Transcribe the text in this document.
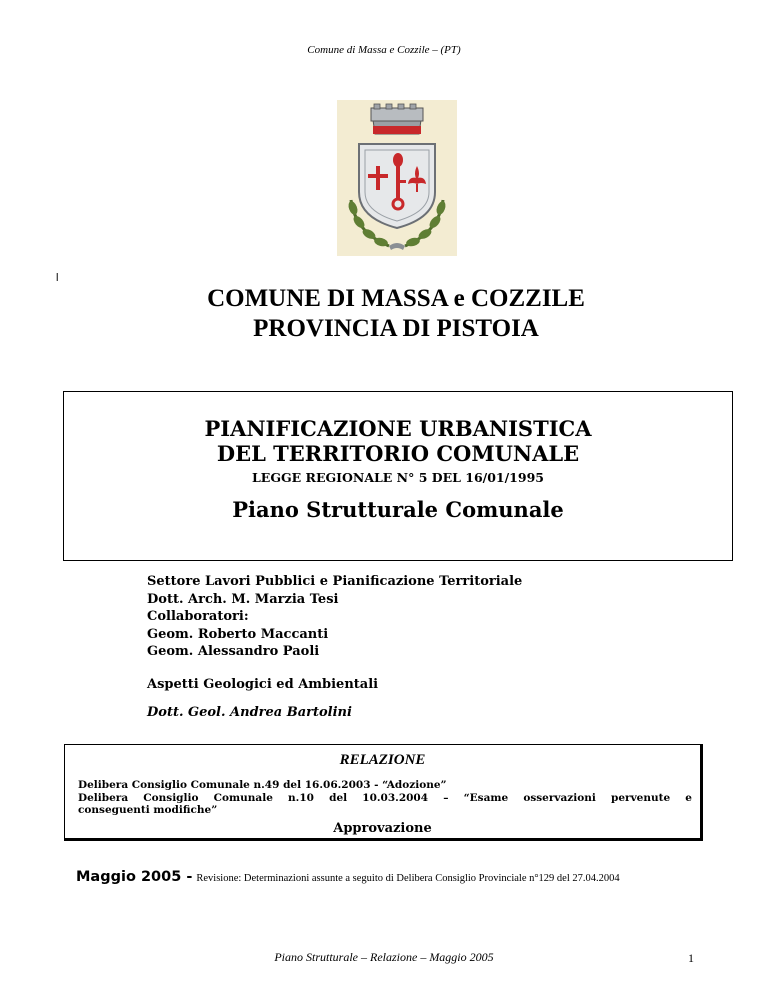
Comune di Massa e Cozzile – (PT)
l
COMUNE DI MASSA e COZZILE
PROVINCIA DI PISTOIA
PIANIFICAZIONE URBANISTICA
DEL TERRITORIO COMUNALE
LEGGE REGIONALE N° 5 DEL 16/01/1995
Piano Strutturale Comunale
Settore Lavori Pubblici e Pianificazione Territoriale
Dott. Arch. M. Marzia Tesi
Collaboratori:
Geom. Roberto Maccanti
Geom. Alessandro Paoli
Aspetti Geologici ed Ambientali
Dott. Geol. Andrea Bartolini
RELAZIONE
Delibera Consiglio Comunale n.49 del 16.06.2003 - “Adozione”
Delibera Consiglio Comunale n.10 del 10.03.2004 – “Esame osservazioni pervenute e
conseguenti modifiche”
Approvazione
Maggio 2005 - Revisione: Determinazioni assunte a seguito di Delibera Consiglio Provinciale n°129 del 27.04.2004
Piano Strutturale – Relazione – Maggio 2005	1
